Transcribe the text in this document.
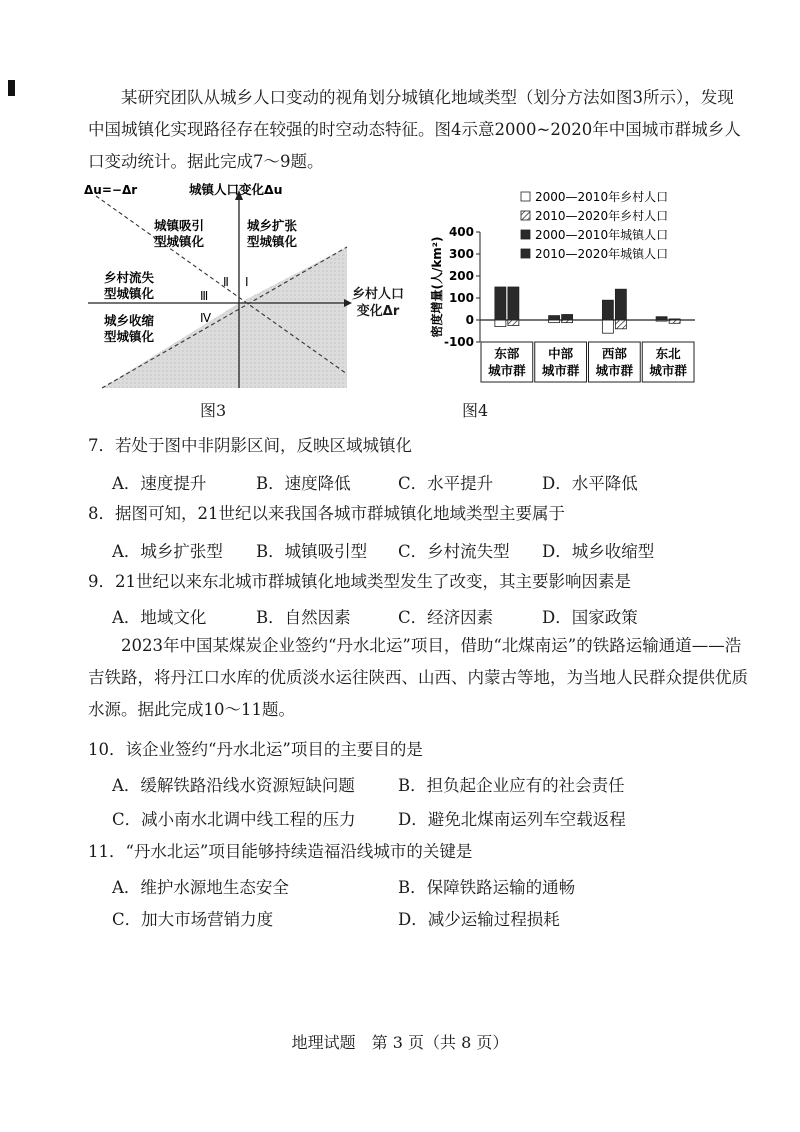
某研究团队从城乡人口变动的视角划分城镇化地域类型（划分方法如图3所示），发现中国城镇化实现路径存在较强的时空动态特征。图4示意2000~2020年中国城市群城乡人口变动统计。据此完成7～9题。
Δu=−Δr	城镇人口变化Δu
城镇吸引
型城镇化
城乡扩张
型城镇化
乡村流失
型城镇化
城乡收缩
型城镇化
Ⅰ
Ⅱ
Ⅲ
Ⅳ
乡村人口
变化Δr
图3
密度增量(人/km²)
-100
0
100
200
300
400
东部
城市群
中部
城市群
西部
城市群
东北
城市群
2000—2010年乡村人口
2010—2020年乡村人口
2000—2010年城镇人口
2010—2020年城镇人口
图4
7．若处于图中非阴影区间，反映区域城镇化
A．速度提升	B．速度降低	C．水平提升	D．水平降低
8．据图可知，21世纪以来我国各城市群城镇化地域类型主要属于
A．城乡扩张型 B．城镇吸引型 C．乡村流失型 D．城乡收缩型
9．21世纪以来东北城市群城镇化地域类型发生了改变，其主要影响因素是
A．地域文化	B．自然因素	C．经济因素	D．国家政策
2023年中国某煤炭企业签约“丹水北运”项目，借助“北煤南运”的铁路运输通道——浩吉铁路，将丹江口水库的优质淡水运往陕西、山西、内蒙古等地，为当地人民群众提供优质水源。据此完成10～11题。
10．该企业签约“丹水北运”项目的主要目的是
A．缓解铁路沿线水资源短缺问题	B．担负起企业应有的社会责任
C．减小南水北调中线工程的压力	D．避免北煤南运列车空载返程
11．“丹水北运”项目能够持续造福沿线城市的关键是
A．维护水源地生态安全	B．保障铁路运输的通畅
C．加大市场营销力度	D．减少运输过程损耗
地理试题　第 3 页（共 8 页）
